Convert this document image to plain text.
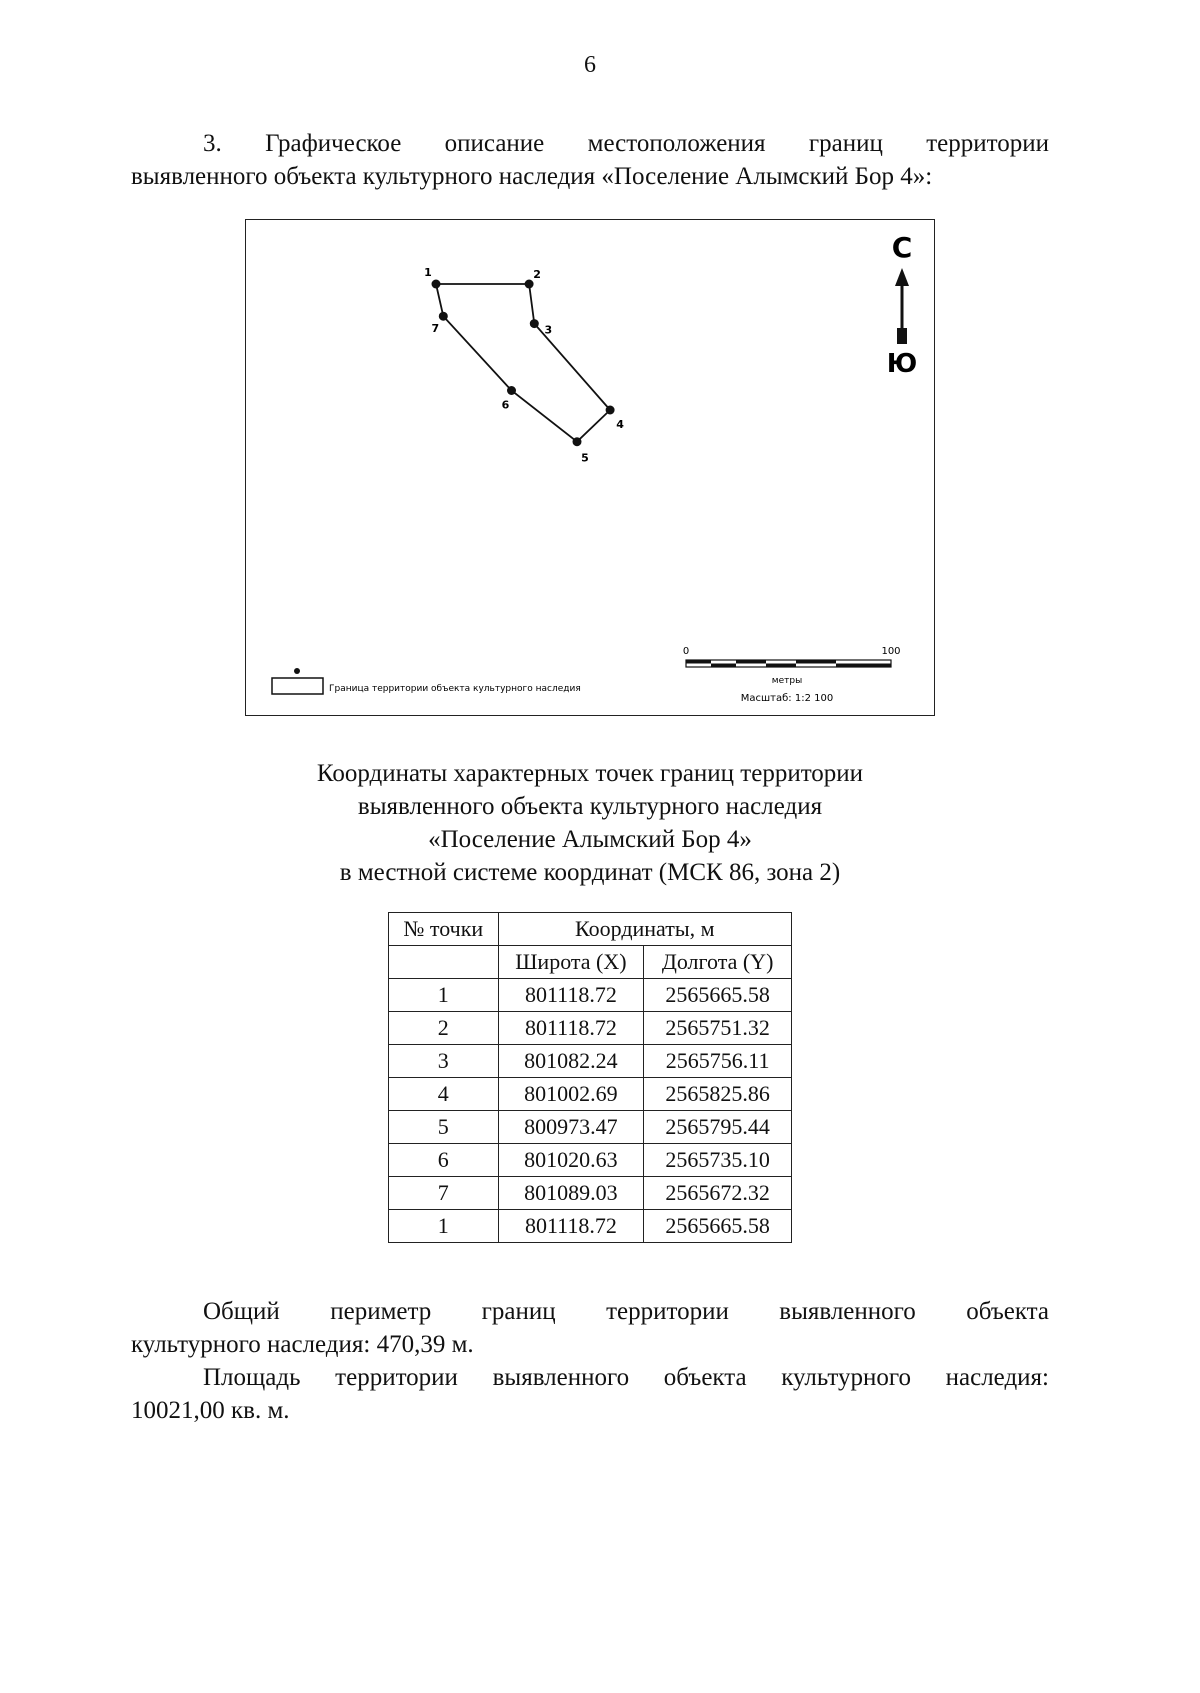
6
3. Графическое описание местоположения границ территории
выявленного объекта культурного наследия «Поселение Алымский Бор 4»:
1	2
3
4
5
6
7
С
Ю
0	100
метры
Масштаб: 1:2 100
Граница территории объекта культурного наследия
Координаты характерных точек границ территории
выявленного объекта культурного наследия
«Поселение Алымский Бор 4»
в местной системе координат (МСК 86, зона 2)
№ точки	Координаты, м	
	Широта (X)	Долгота (Y)
1	801118.72	2565665.58
2	801118.72	2565751.32
3	801082.24	2565756.11
4	801002.69	2565825.86
5	800973.47	2565795.44
6	801020.63	2565735.10
7	801089.03	2565672.32
1	801118.72	2565665.58
Общий периметр границ территории выявленного объекта
культурного наследия: 470,39 м.
Площадь территории выявленного объекта культурного наследия:
10021,00 кв. м.
